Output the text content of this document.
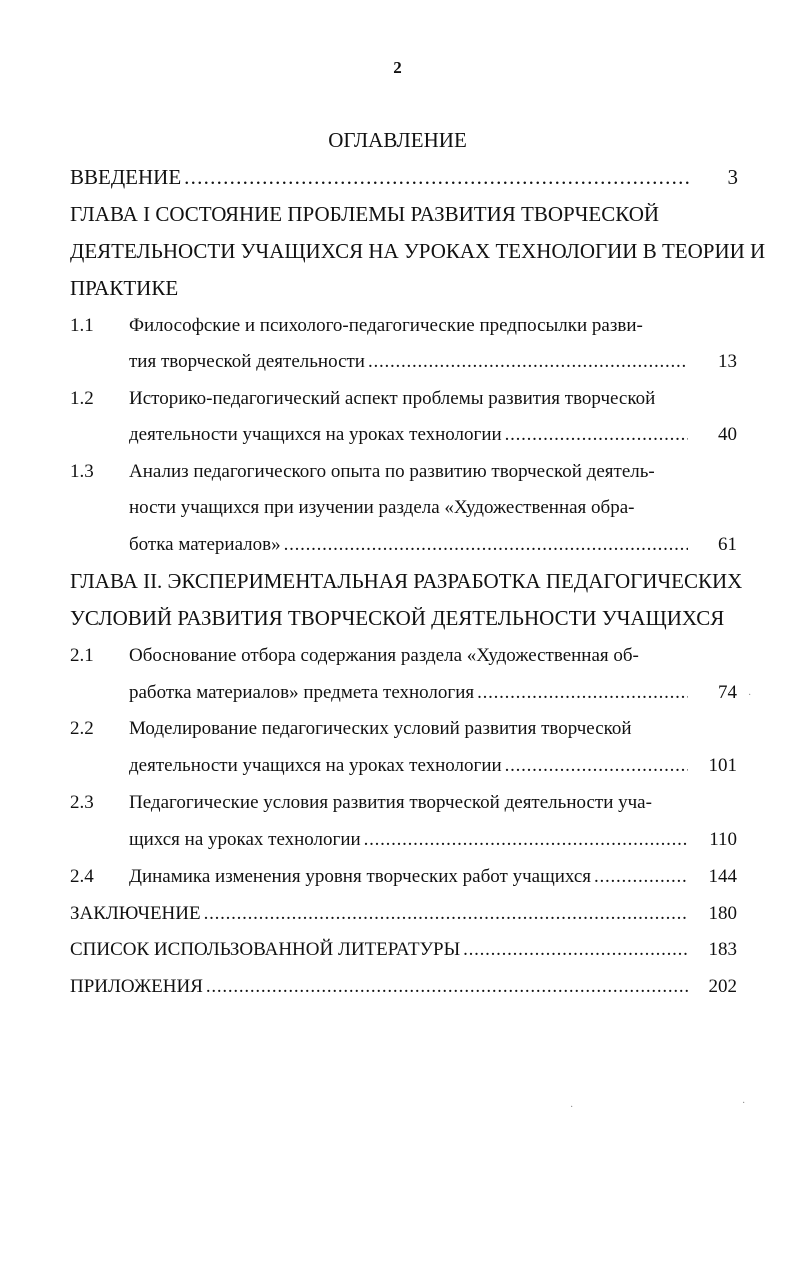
2
ОГЛАВЛЕНИЕ
ВВЕДЕНИЕ . . .	3
ГЛАВА I СОСТОЯНИЕ ПРОБЛЕМЫ РАЗВИТИЯ ТВОРЧЕСКОЙ
ДЕЯТЕЛЬНОСТИ УЧАЩИХСЯ НА УРОКАХ ТЕХНОЛОГИИ В ТЕОРИИ И
ПРАКТИКЕ
1.1 Философские и психолого-педагогические предпосылки разви-
тия творческой деятельности . . .	13
1.2 Историко-педагогический аспект проблемы развития творческой
деятельности учащихся на уроках технологии . . .	40
1.3 Анализ педагогического опыта по развитию творческой деятель-
ности учащихся при изучении раздела «Художественная обра-
ботка материалов» . . .	61
ГЛАВА II. ЭКСПЕРИМЕНТАЛЬНАЯ РАЗРАБОТКА ПЕДАГОГИЧЕСКИХ
УСЛОВИЙ РАЗВИТИЯ ТВОРЧЕСКОЙ ДЕЯТЕЛЬНОСТИ УЧАЩИХСЯ
2.1 Обоснование отбора содержания раздела «Художественная об-
работка материалов» предмета технология . . .	74
2.2 Моделирование педагогических условий развития творческой
деятельности учащихся на уроках технологии . . .	101
2.3 Педагогические условия развития творческой деятельности уча-
щихся на уроках технологии . . .	110
2.4 Динамика изменения уровня творческих работ учащихся . . .	144
ЗАКЛЮЧЕНИЕ . . .	180
СПИСОК ИСПОЛЬЗОВАННОЙ ЛИТЕРАТУРЫ . . .	183
ПРИЛОЖЕНИЯ . . .	202
·
·	·
